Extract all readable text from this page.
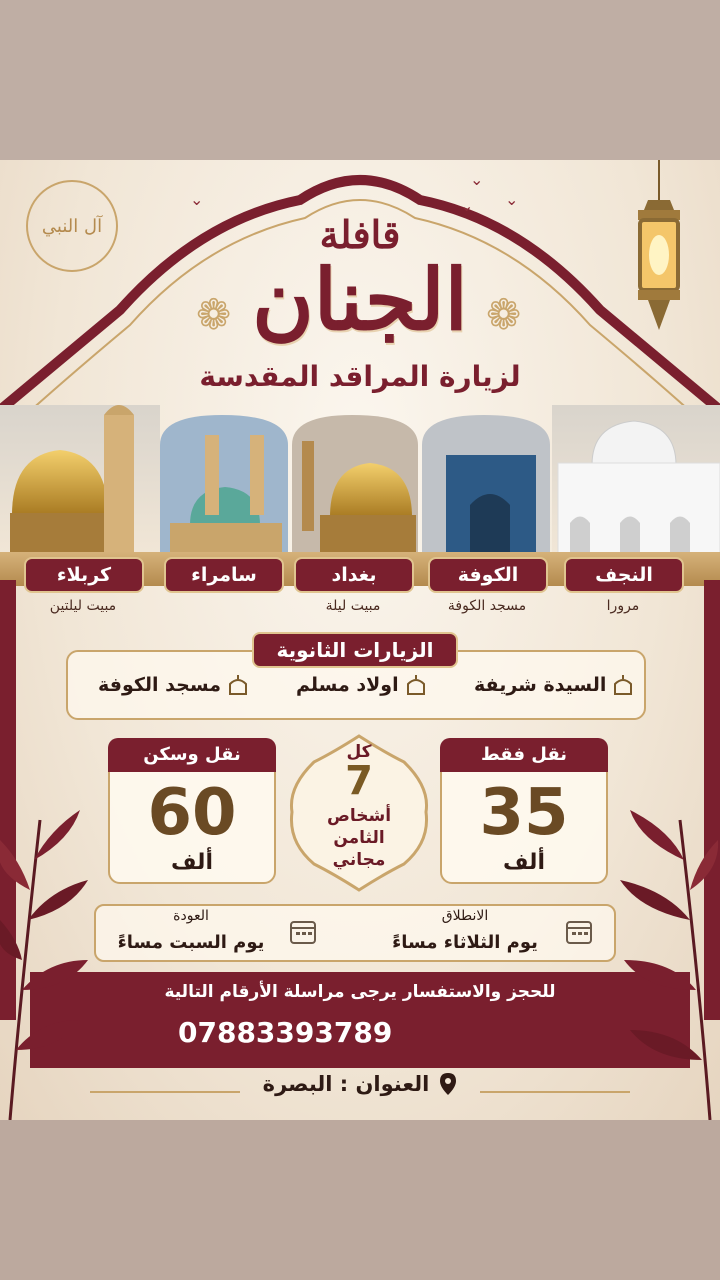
آل النبي
⌄
⌄
⌄
⌄
قافلة
❁ الجنان ❁
لزيارة المراقد المقدسة
النجف
الكوفة
بغداد
سامراء
كربلاء
مرورا
مسجد الكوفة
مبيت ليلة
مبيت ليلتين
الزيارات الثانوية
السيدة شريفة
اولاد مسلم
مسجد الكوفة
نقل فقط
35
ألف
نقل وسكن
60
ألف
كل
7
أشخاص
الثامن
مجاني
الانطلاق
يوم الثلاثاء مساءً
العودة
يوم السبت مساءً
للحجز والاستفسار يرجى مراسلة الأرقام التالية
07883393789
العنوان : البصرة
